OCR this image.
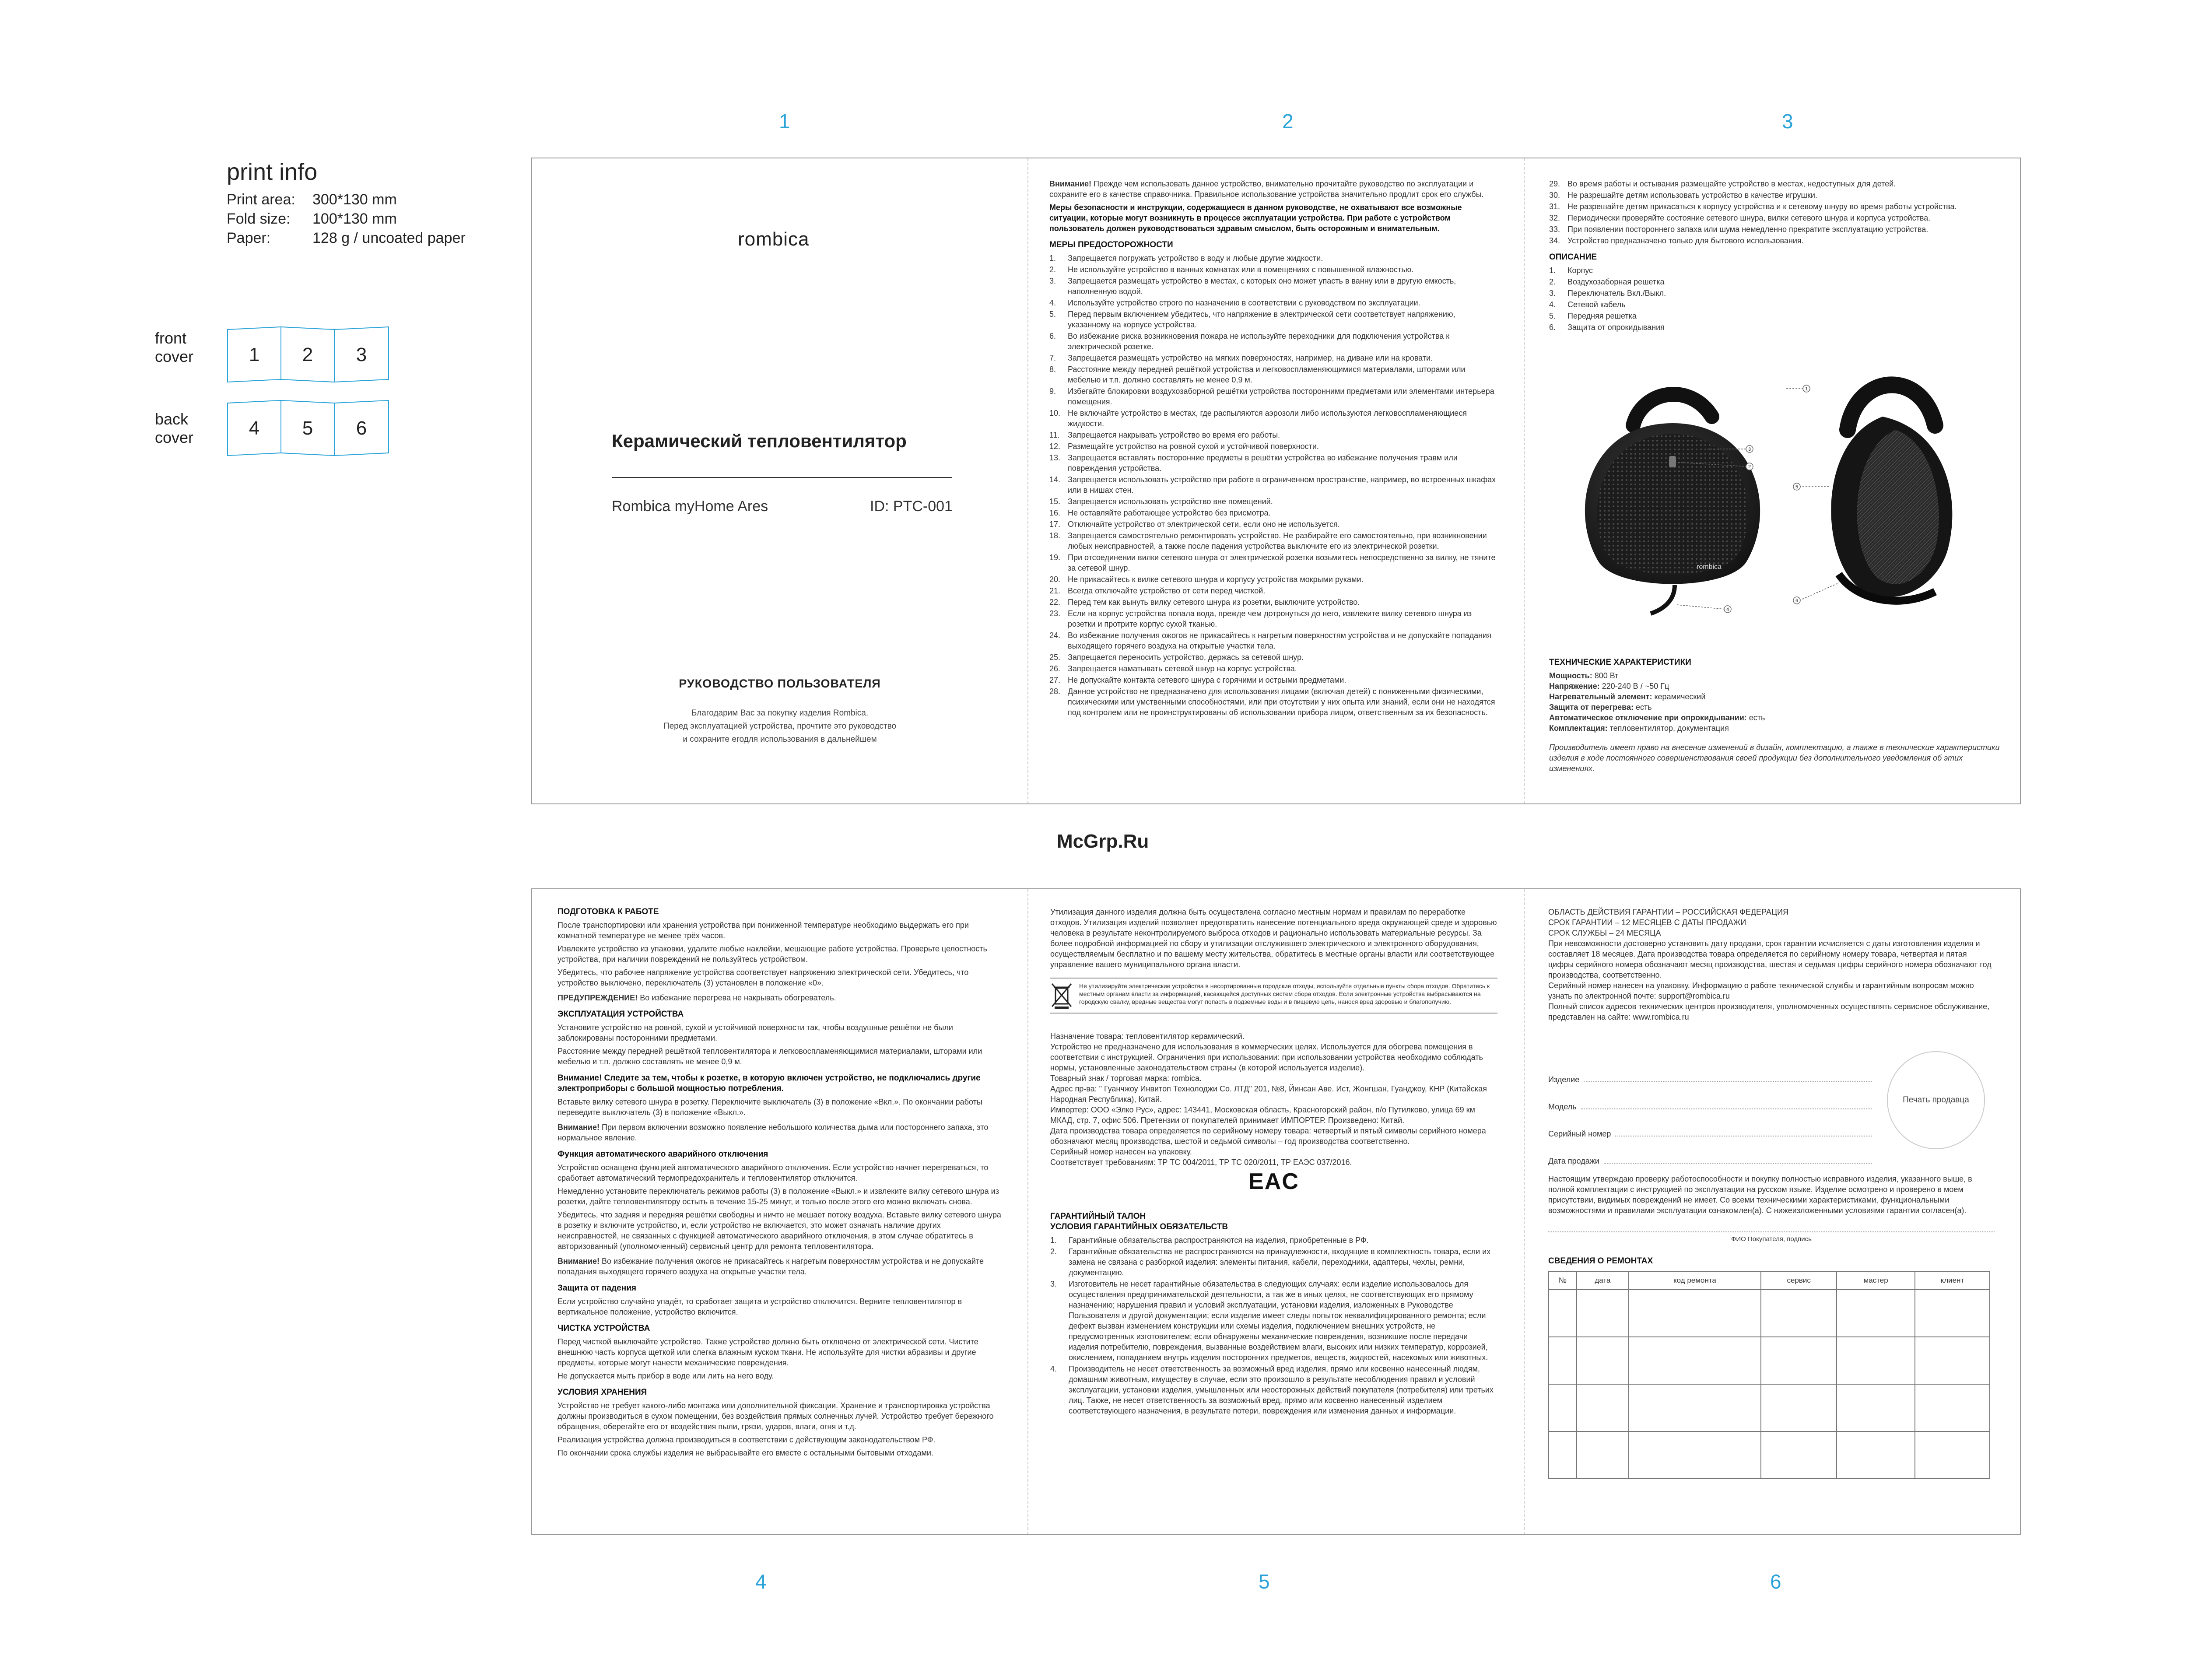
print info
Print area:	300*130 mm
Fold size:	100*130 mm
Paper:	128 g / uncoated paper
front
cover
back
cover
1 2 3
4 5 6
1	2	3
4	5	6
McGrp.Ru
rombica
Керамический тепловентилятор
Rombica myHome Ares	ID: PTC-001
РУКОВОДСТВО ПОЛЬЗОВАТЕЛЯ
Благодарим Вас за покупку изделия Rombica.
Перед эксплуатацией устройства, прочтите это руководство
и сохраните егодля использования в дальнейшем

Внимание! Прежде чем использовать данное устройство, внимательно прочитайте руководство по эксплуатации и сохраните его в качестве справочника. Правильное использование устройства значительно продлит срок его службы.

Меры безопасности и инструкции, содержащиеся в данном руководстве, не охватывают все возможные ситуации, которые могут возникнуть в процессе эксплуатации устройства. При работе с устройством пользователь должен руководствоваться здравым смыслом, быть осторожным и внимательным.

МЕРЫ ПРЕДОСТОРОЖНОСТИ
1. Запрещается погружать устройство в воду и любые другие жидкости.
2. Не используйте устройство в ванных комнатах или в помещениях с повышенной влажностью.
3. Запрещается размещать устройство в местах, с которых оно может упасть в ванну или в другую емкость, наполненную водой.
4. Используйте устройство строго по назначению в соответствии с руководством по эксплуатации.
5. Перед первым включением убедитесь, что напряжение в электрической сети соответствует напряжению, указанному на корпусе устройства.
6. Во избежание риска возникновения пожара не используйте переходники для подключения устройства к электрической розетке.
7. Запрещается размещать устройство на мягких поверхностях, например, на диване или на кровати.
8. Расстояние между передней решёткой устройства и легковоспламеняющимися материалами, шторами или мебелью и т.п. должно составлять не менее 0,9 м.
9. Избегайте блокировки воздухозаборной решётки устройства посторонними предметами или элементами интерьера помещения.
10. Не включайте устройство в местах, где распыляются аэрозоли либо используются легковоспламеняющиеся жидкости.
11. Запрещается накрывать устройство во время его работы.
12. Размещайте устройство на ровной сухой и устойчивой поверхности.
13. Запрещается вставлять посторонние предметы в решётки устройства во избежание получения травм или повреждения устройства.
14. Запрещается использовать устройство при работе в ограниченном пространстве, например, во встроенных шкафах или в нишах стен.
15. Запрещается использовать устройство вне помещений.
16. Не оставляйте работающее устройство без присмотра.
17. Отключайте устройство от электрической сети, если оно не используется.
18. Запрещается самостоятельно ремонтировать устройство. Не разбирайте его самостоятельно, при возникновении любых неисправностей, а также после падения устройства выключите его из электрической розетки.
19. При отсоединении вилки сетевого шнура от электрической розетки возьмитесь непосредственно за вилку, не тяните за сетевой шнур.
20. Не прикасайтесь к вилке сетевого шнура и корпусу устройства мокрыми руками.
21. Всегда отключайте устройство от сети перед чисткой.
22. Перед тем как вынуть вилку сетевого шнура из розетки, выключите устройство.
23. Если на корпус устройства попала вода, прежде чем дотронуться до него, извлеките вилку сетевого шнура из розетки и протрите корпус сухой тканью.
24. Во избежание получения ожогов не прикасайтесь к нагретым поверхностям устройства и не допускайте попадания выходящего горячего воздуха на открытые участки тела.
25. Запрещается переносить устройство, держась за сетевой шнур.
26. Запрещается наматывать сетевой шнур на корпус устройства.
27. Не допускайте контакта сетевого шнура с горячими и острыми предметами.
28. Данное устройство не предназначено для использования лицами (включая детей) с пониженными физическими, психическими или умственными способностями, или при отсутствии у них опыта или знаний, если они не находятся под контролем или не проинструктированы об использовании прибора лицом, ответственным за их безопасность.
29. Во время работы и остывания размещайте устройство в местах, недоступных для детей.
30. Не разрешайте детям использовать устройство в качестве игрушки.
31. Не разрешайте детям прикасаться к корпусу устройства и к сетевому шнуру во время работы устройства.
32. Периодически проверяйте состояние сетевого шнура, вилки сетевого шнура и корпуса устройства.
33. При появлении постороннего запаха или шума немедленно прекратите эксплуатацию устройства.
34. Устройство предназначено только для бытового использования.
ОПИСАНИЕ
1. Корпус
2. Воздухозаборная решетка
3. Переключатель Вкл./Выкл.
4. Сетевой кабель
5. Передняя решетка
6. Защита от опрокидывания
rombica
1
3
2
5
4
6
ТЕХНИЧЕСКИЕ ХАРАКТЕРИСТИКИ
Мощность: 800 Вт
Напряжение: 220-240 В / ~50 Гц
Нагревательный элемент: керамический
Защита от перегрева: есть
Автоматическое отключение при опрокидывании: есть
Комплектация: тепловентилятор, документация

Производитель имеет право на внесение изменений в дизайн, комплектацию, а также в технические характеристики изделия в ходе постоянного совершенствования своей продукции без дополнительного уведомления об этих изменениях.

ПОДГОТОВКА К РАБОТЕ

После транспортировки или хранения устройства при пониженной температуре необходимо выдержать его при комнатной температуре не менее трёх часов.

Извлеките устройство из упаковки, удалите любые наклейки, мешающие работе устройства. Проверьте целостность устройства, при наличии повреждений не пользуйтесь устройством.

Убедитесь, что рабочее напряжение устройства соответствует напряжению электрической сети. Убедитесь, что устройство выключено, переключатель (3) установлен в положение «0».

ПРЕДУПРЕЖДЕНИЕ! Во избежание перегрева не накрывать обогреватель.

ЭКСПЛУАТАЦИЯ УСТРОЙСТВА

Установите устройство на ровной, сухой и устойчивой поверхности так, чтобы воздушные решётки не были заблокированы посторонними предметами.

Расстояние между передней решёткой тепловентилятора и легковоспламеняющимися материалами, шторами или мебелью и т.п. должно составлять не менее 0,9 м.

Внимание! Следите за тем, чтобы к розетке, в которую включен устройство, не подключались другие электроприборы с большой мощностью потребления.

Вставьте вилку сетевого шнура в розетку. Переключите выключатель (3) в положение «Вкл.». По окончании работы переведите выключатель (3) в положение «Выкл.».

Внимание! При первом включении возможно появление небольшого количества дыма или постороннего запаха, это нормальное явление.

Функция автоматического аварийного отключения

Устройство оснащено функцией автоматического аварийного отключения. Если устройство начнет перегреваться, то сработает автоматический термопредохранитель и тепловентилятор отключится.

Немедленно установите переключатель режимов работы (3) в положение «Выкл.» и извлеките вилку сетевого шнура из розетки, дайте тепловентилятору остыть в течение 15-25 минут, и только после этого его можно включать снова.

Убедитесь, что задняя и передняя решётки свободны и ничто не мешает потоку воздуха. Вставьте вилку сетевого шнура в розетку и включите устройство, и, если устройство не включается, это может означать наличие других неисправностей, не связанных с функцией автоматического аварийного отключения, в этом случае обратитесь в авторизованный (уполномоченный) сервисный центр для ремонта тепловентилятора.

Внимание! Во избежание получения ожогов не прикасайтесь к нагретым поверхностям устройства и не допускайте попадания выходящего горячего воздуха на открытые участки тела.

Защита от падения

Если устройство случайно упадёт, то сработает защита и устройство отключится. Верните тепловентилятор в вертикальное положение, устройство включится.

ЧИСТКА УСТРОЙСТВА

Перед чисткой выключайте устройство. Также устройство должно быть отключено от электрической сети. Чистите внешнюю часть корпуса щеткой или слегка влажным куском ткани. Не используйте для чистки абразивы и другие предметы, которые могут нанести механические повреждения.

Не допускается мыть прибор в воде или лить на него воду.

УСЛОВИЯ ХРАНЕНИЯ

Устройство не требует какого-либо монтажа или дополнительной фиксации. Хранение и транспортировка устройства должны производиться в сухом помещении, без воздействия прямых солнечных лучей. Устройство требует бережного обращения, оберегайте его от воздействия пыли, грязи, ударов, влаги, огня и т.д.

Реализация устройства должна производиться в соответствии с действующим законодательством РФ.

По окончании срока службы изделия не выбрасывайте его вместе с остальными бытовыми отходами.

Утилизация данного изделия должна быть осуществлена согласно местным нормам и правилам по переработке отходов. Утилизация изделий позволяет предотвратить нанесение потенциального вреда окружающей среде и здоровью человека в результате неконтролируемого выброса отходов и рационально использовать материальные ресурсы. За более подробной информацией по сбору и утилизации отслужившего электрического и электронного оборудования, осуществляемым бесплатно и по вашему месту жительства, обратитесь в местные органы власти или соответствующее управление вашего муниципального органа власти.

Не утилизируйте электрические устройства в несортированные городские отходы, используйте отдельные пункты сбора отходов. Обратитесь к местным органам власти за информацией, касающейся доступных систем сбора отходов. Если электронные устройства выбрасываются на городскую свалку, вредные вещества могут попасть в подземные воды и в пищевую цепь, нанося вред здоровью и благополучию.
Назначение товара: тепловентилятор керамический.
Устройство не предназначено для использования в коммерческих целях. Используется для обогрева помещения в соответствии с инструкцией. Ограничения при использовании: при использовании устройства необходимо соблюдать нормы, установленные законодательством страны (в которой используется изделие).
Товарный знак / торговая марка: rombica.
Адрес пр-ва: " Гуанчжоу Инвитоп Технолоджи Co. ЛТД" 201, №8, Йинсан Аве. Ист, Жонгшан, Гуанджоу, КНР (Китайская Народная Республика), Китай.
Импортер: ООО «Элко Рус», адрес: 143441, Московская область, Красногорский район, п/о Путилково, улица 69 км МКАД, стр. 7, офис 506. Претензии от покупателей принимает ИМПОРТЕР. Произведено: Китай.
Дата производства товара определяется по серийному номеру товара: четвертый и пятый символы серийного номера обозначают месяц производства, шестой и седьмой символы – год производства соответственно.
Серийный номер нанесен на упаковку.
Соответствует требованиям: ТР ТС 004/2011, ТР ТС 020/2011, ТР ЕАЭС 037/2016.
EAC
ГАРАНТИЙНЫЙ ТАЛОН
УСЛОВИЯ ГАРАНТИЙНЫХ ОБЯЗАТЕЛЬСТВ
1. Гарантийные обязательства распространяются на изделия, приобретенные в РФ.
2. Гарантийные обязательства не распространяются на принадлежности, входящие в комплектность товара, если их замена не связана с разборкой изделия: элементы питания, кабели, переходники, адаптеры, чехлы, ремни, документацию.
3. Изготовитель не несет гарантийные обязательства в следующих случаях: если изделие использовалось для осуществления предпринимательской деятельности, а так же в иных целях, не соответствующих его прямому назначению; нарушения правил и условий эксплуатации, установки изделия, изложенных в Руководстве Пользователя и другой документации; если изделие имеет следы попыток неквалифицированного ремонта; если дефект вызван изменением конструкции или схемы изделия, подключением внешних устройств, не предусмотренных изготовителем; если обнаружены механические повреждения, возникшие после передачи изделия потребителю, повреждения, вызванные воздействием влаги, высоких или низких температур, коррозией, окислением, попаданием внутрь изделия посторонних предметов, веществ, жидкостей, насекомых или животных.
4. Производитель не несет ответственность за возможный вред изделия, прямо или косвенно нанесенный людям, домашним животным, имуществу в случае, если это произошло в результате несоблюдения правил и условий эксплуатации, установки изделия, умышленных или неосторожных действий покупателя (потребителя) или третьих лиц. Также, не несет ответственность за возможный вред, прямо или косвенно нанесенный изделием соответствующего назначения, в результате потери, повреждения или изменения данных и информации.
ОБЛАСТЬ ДЕЙСТВИЯ ГАРАНТИИ – РОССИЙСКАЯ ФЕДЕРАЦИЯ
СРОК ГАРАНТИИ – 12 МЕСЯЦЕВ С ДАТЫ ПРОДАЖИ
СРОК СЛУЖБЫ – 24 МЕСЯЦА
При невозможности достоверно установить дату продажи, срок гарантии исчисляется с даты изготовления изделия и составляет 18 месяцев. Дата производства товара определяется по серийному номеру товара, четвертая и пятая цифры серийного номера обозначают месяц производства, шестая и седьмая цифры серийного номера обозначают год производства, соответственно.
Серийный номер нанесен на упаковку. Информацию о работе технической службы и гарантийным вопросам можно узнать по электронной почте: support@rombica.ru
Полный список адресов технических центров производителя, уполномоченных осуществлять сервисное обслуживание, представлен на сайте: www.rombica.ru
Изделие
Модель
Серийный номер
Дата продажи
Печать продавца

Настоящим утверждаю проверку работоспособности и покупку полностью исправного изделия, указанного выше, в полной комплектации с инструкцией по эксплуатации на русском языке. Изделие осмотрено и проверено в моем присутствии, видимых повреждений не имеет. Со всеми техническими характеристиками, функциональными возможностями и правилами эксплуатации ознакомлен(а). С нижеизложенными условиями гарантии согласен(а).

ФИО Покупателя, подпись
СВЕДЕНИЯ О РЕМОНТАХ
№	дата	код ремонта	сервис	мастер	клиент
